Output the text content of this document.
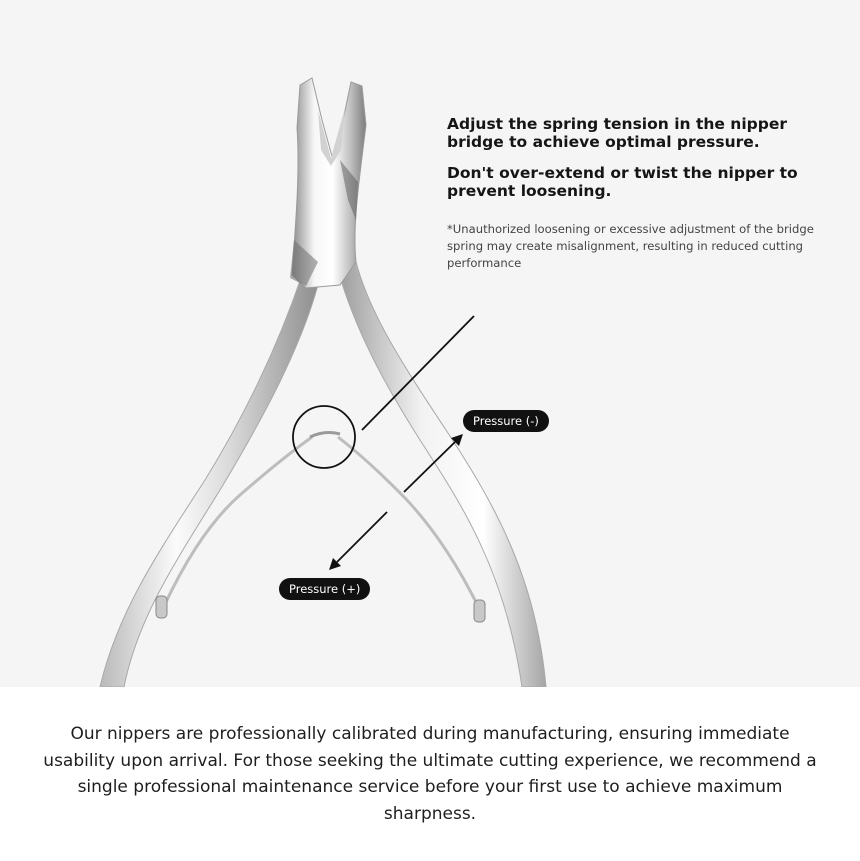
Adjust the spring tension in the nipper bridge to achieve optimal pressure.

Don't over-extend or twist the nipper to prevent loosening.

*Unauthorized loosening or excessive adjustment of the bridge spring may create misalignment, resulting in reduced cutting performance

Pressure (-)
Pressure (+)

Our nippers are professionally calibrated during manufacturing, ensuring immediate usability upon arrival. For those seeking the ultimate cutting experience, we recommend a single professional maintenance service before your first use to achieve maximum sharpness.
